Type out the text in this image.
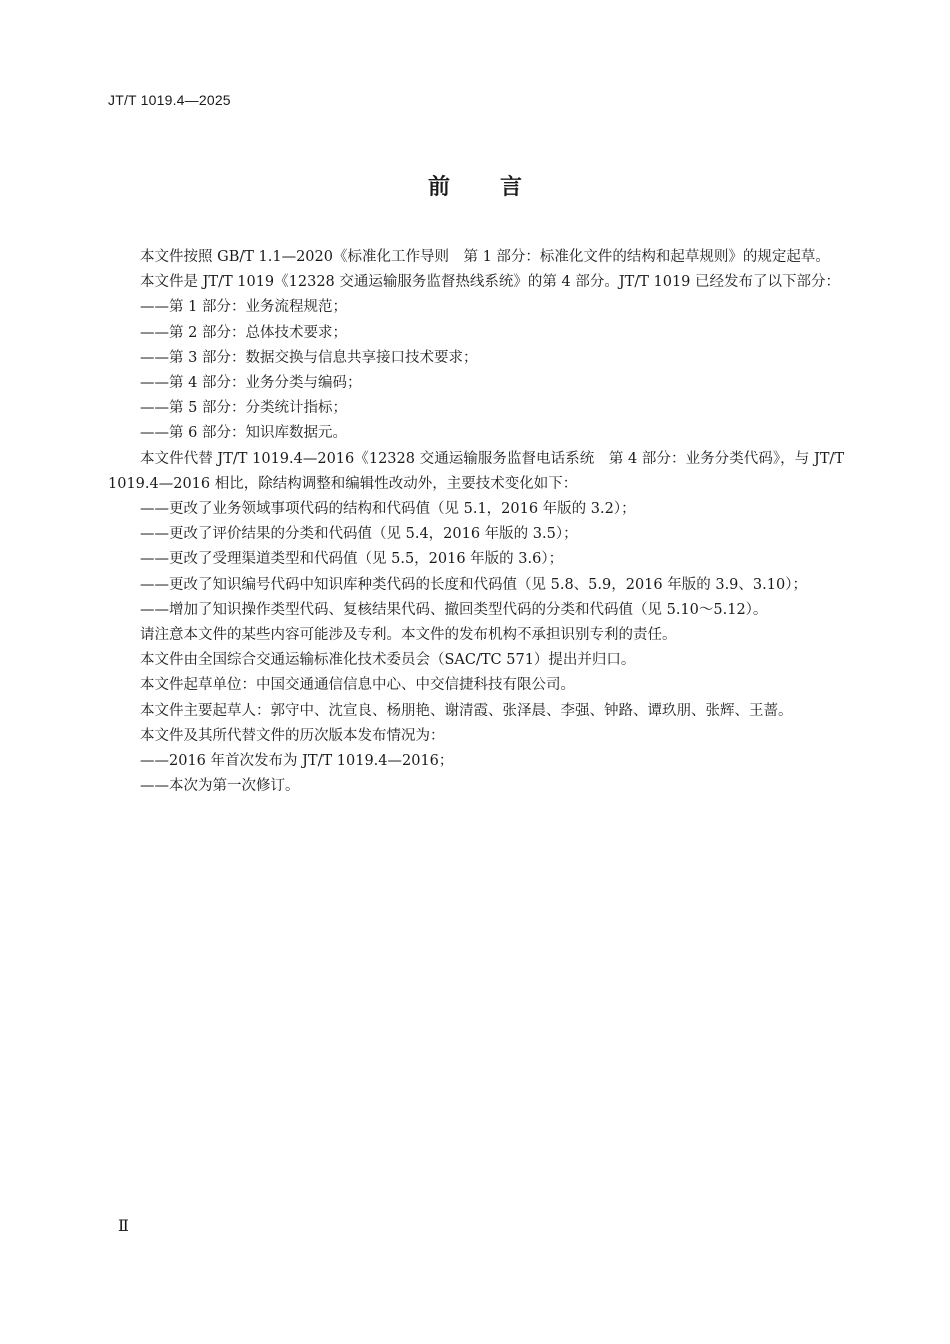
JT/T 1019.4—2025
前 言

本文件按照 GB/T 1.1—2020《标准化工作导则　第 1 部分：标准化文件的结构和起草规则》的规定起草。

本文件是 JT/T 1019《12328 交通运输服务监督热线系统》的第 4 部分。JT/T 1019 已经发布了以下部分：

——第 1 部分：业务流程规范；

——第 2 部分：总体技术要求；

——第 3 部分：数据交换与信息共享接口技术要求；

——第 4 部分：业务分类与编码；

——第 5 部分：分类统计指标；

——第 6 部分：知识库数据元。

本文件代替 JT/T 1019.4—2016《12328 交通运输服务监督电话系统　第 4 部分：业务分类代码》，与 JT/T 1019.4—2016 相比，除结构调整和编辑性改动外，主要技术变化如下：

——更改了业务领域事项代码的结构和代码值（见 5.1，2016 年版的 3.2）；

——更改了评价结果的分类和代码值（见 5.4，2016 年版的 3.5）；

——更改了受理渠道类型和代码值（见 5.5，2016 年版的 3.6）；

——更改了知识编号代码中知识库种类代码的长度和代码值（见 5.8、5.9，2016 年版的 3.9、3.10）；

——增加了知识操作类型代码、复核结果代码、撤回类型代码的分类和代码值（见 5.10～5.12）。

请注意本文件的某些内容可能涉及专利。本文件的发布机构不承担识别专利的责任。

本文件由全国综合交通运输标准化技术委员会（SAC/TC 571）提出并归口。

本文件起草单位：中国交通通信信息中心、中交信捷科技有限公司。

本文件主要起草人：郭守中、沈宣良、杨朋艳、谢清霞、张泽晨、李强、钟路、谭玖朋、张辉、王蔷。

本文件及其所代替文件的历次版本发布情况为：

——2016 年首次发布为 JT/T 1019.4—2016；

——本次为第一次修订。

Ⅱ
